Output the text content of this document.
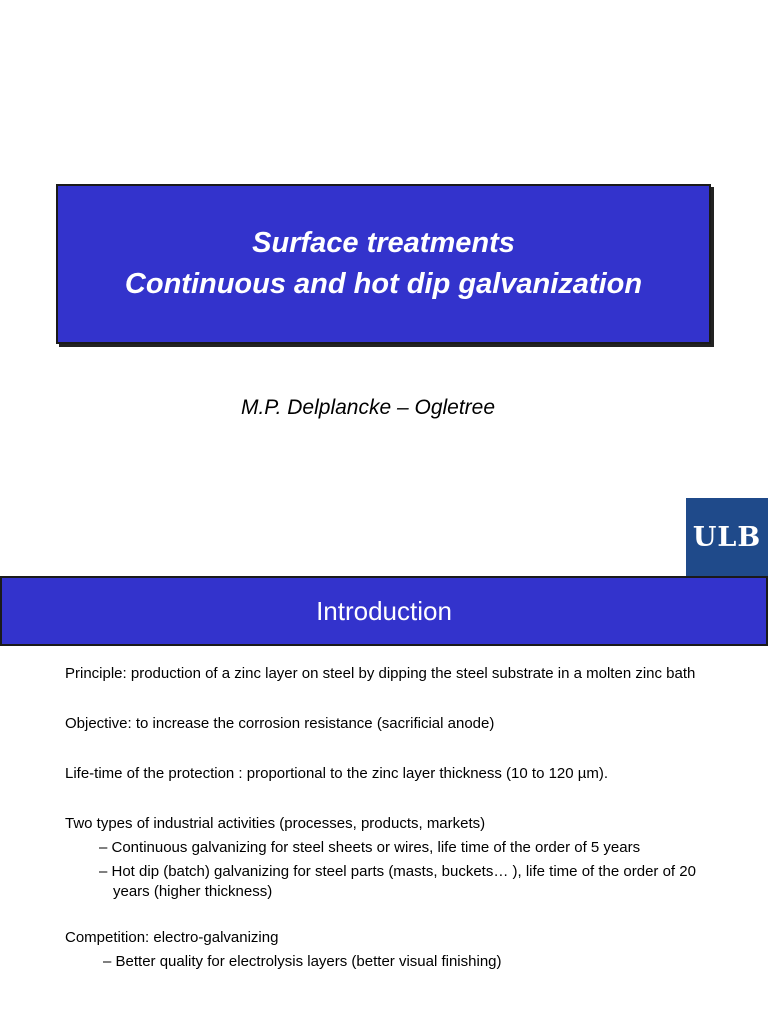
Surface treatments
Continuous and hot dip galvanization
M.P. Delplancke – Ogletree
ULB
Introduction

Principle: production of a zinc layer on steel by dipping the steel substrate in a molten zinc bath

Objective: to increase the corrosion resistance (sacrificial anode)

Life-time of the protection : proportional to the zinc layer thickness (10 to 120 µm).

Two types of industrial activities (processes, products, markets)

– Continuous galvanizing for steel sheets or wires, life time of the order of 5 years

– Hot dip (batch) galvanizing for steel parts (masts, buckets… ), life time of the order of 20 years (higher thickness)

Competition: electro-galvanizing

– Better quality for electrolysis layers (better visual finishing)
